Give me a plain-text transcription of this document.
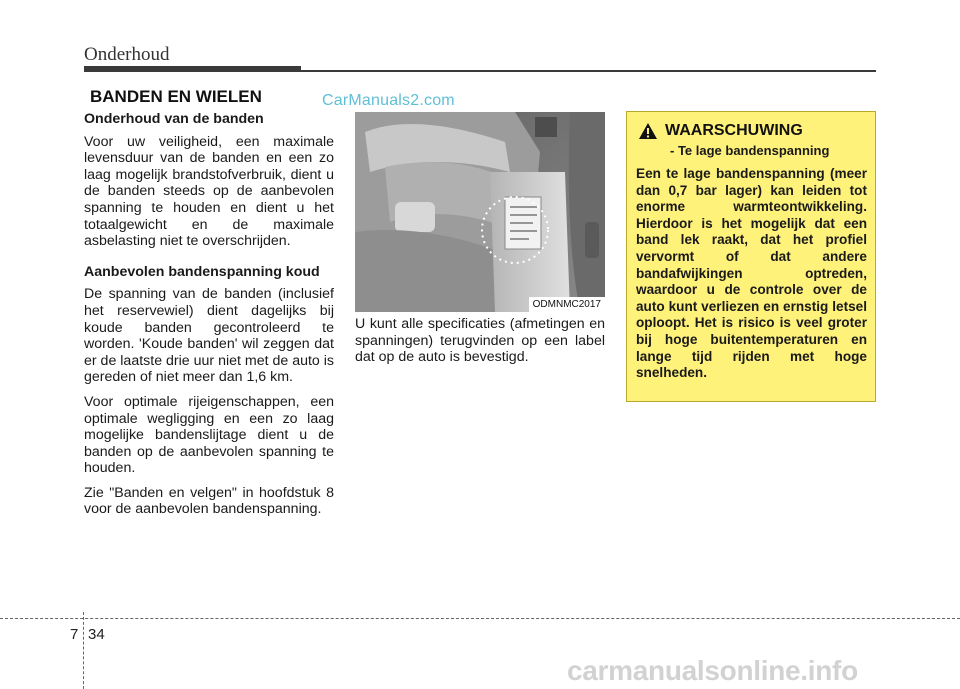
Onderhoud
BANDEN EN WIELEN	CarManuals2.com
Onderhoud van de banden

Voor uw veiligheid, een maximale levensduur van de banden en een zo laag mogelijk brandstofverbruik, dient u de banden steeds op de aanbevolen spanning te houden en dient u het totaalgewicht en de maximale asbelasting niet te overschrijden.

Aanbevolen bandenspanning koud

De spanning van de banden (inclusief het reservewiel) dient dagelijks bij koude banden gecontroleerd te worden. 'Koude banden' wil zeggen dat er de laatste drie uur niet met de auto is gereden of niet meer dan 1,6 km.

Voor optimale rijeigenschappen, een optimale wegligging en een zo laag mogelijke bandenslijtage dient u de banden op de aanbevolen spanning te houden.

Zie "Banden en velgen" in hoofdstuk 8 voor de aanbevolen bandenspanning.

ODMNMC2017

U kunt alle specificaties (afmetingen en spanningen) terugvinden op een label dat op de auto is bevestigd.

WAARSCHUWING
- Te lage bandenspanning

Een te lage bandenspanning (meer dan 0,7 bar lager) kan leiden tot enorme warmteontwikkeling. Hierdoor is het mogelijk dat een band lek raakt, dat het profiel vervormt of dat andere bandafwijkingen optreden, waardoor u de controle over de auto kunt verliezen en ernstig letsel oploopt. Het is risico is veel groter bij hoge buitentemperaturen en lange tijd rijden met hoge snelheden.

7 34
carmanualsonline.info
